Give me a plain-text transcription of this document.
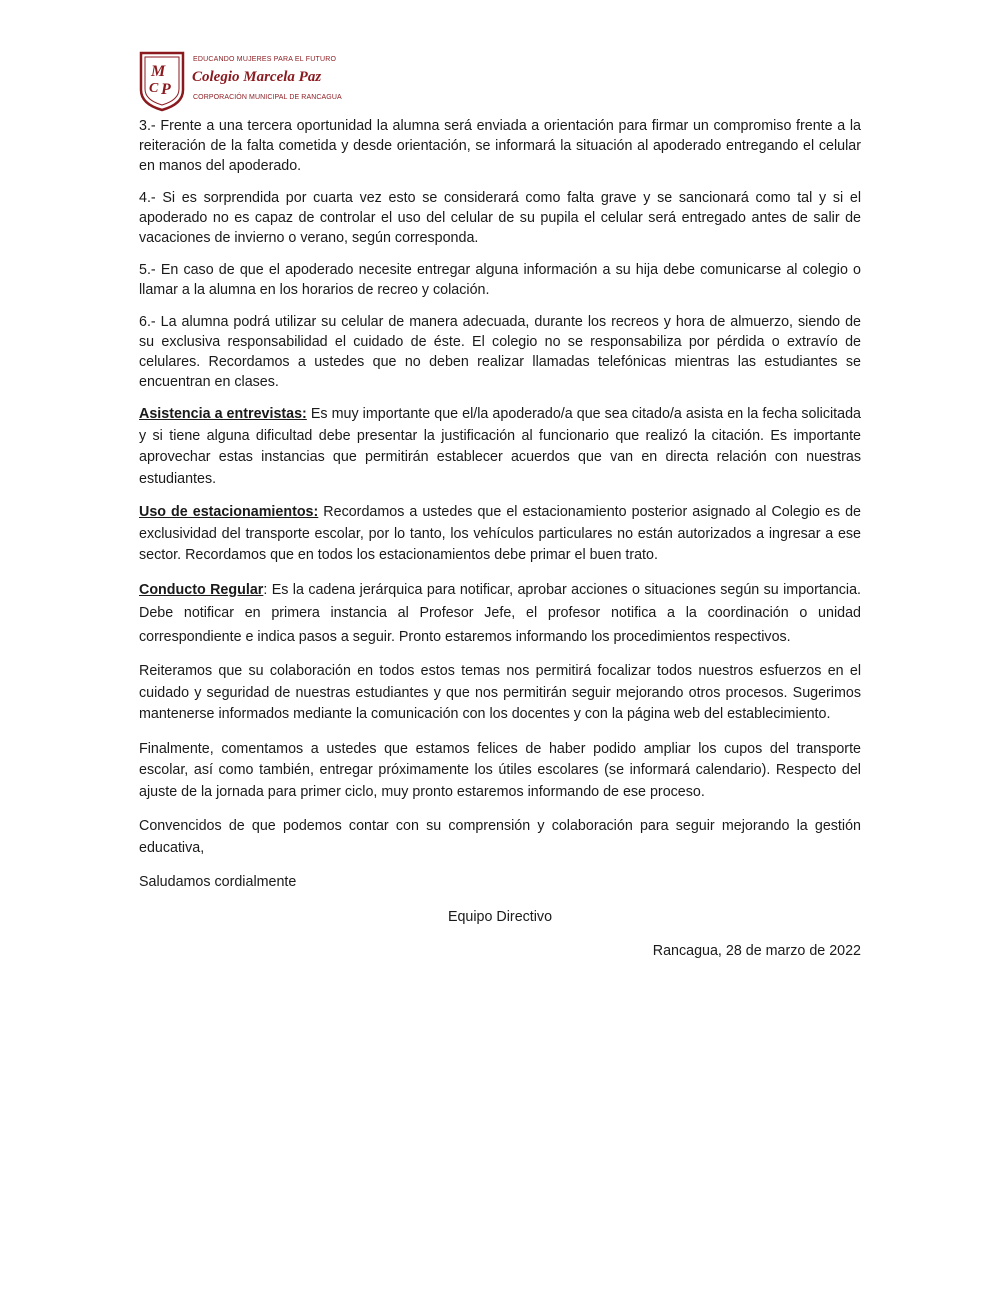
M
C P
EDUCANDO MUJERES PARA EL FUTURO
Colegio Marcela Paz
CORPORACIÓN MUNICIPAL DE RANCAGUA

3.- Frente a una tercera oportunidad la alumna será enviada a orientación para firmar un compromiso frente a la reiteración de la falta cometida y desde orientación, se informará la situación al apoderado entregando el celular en manos del apoderado.

4.- Si es sorprendida por cuarta vez esto se considerará como falta grave y se sancionará como tal y si el apoderado no es capaz de controlar el uso del celular de su pupila el celular será entregado antes de salir de vacaciones de invierno o verano, según corresponda.

5.- En caso de que el apoderado necesite entregar alguna información a su hija debe comunicarse al colegio o llamar a la alumna en los horarios de recreo y colación.

6.- La alumna podrá utilizar su celular de manera adecuada, durante los recreos y hora de almuerzo, siendo de su exclusiva responsabilidad el cuidado de éste. El colegio no se responsabiliza por pérdida o extravío de celulares. Recordamos a ustedes que no deben realizar llamadas telefónicas mientras las estudiantes se encuentran en clases.

Asistencia a entrevistas: Es muy importante que el/la apoderado/a que sea citado/a asista en la fecha solicitada y si tiene alguna dificultad debe presentar la justificación al funcionario que realizó la citación. Es importante aprovechar estas instancias que permitirán establecer acuerdos que van en directa relación con nuestras estudiantes.

Uso de estacionamientos: Recordamos a ustedes que el estacionamiento posterior asignado al Colegio es de exclusividad del transporte escolar, por lo tanto, los vehículos particulares no están autorizados a ingresar a ese sector. Recordamos que en todos los estacionamientos debe primar el buen trato.

Conducto Regular: Es la cadena jerárquica para notificar, aprobar acciones o situaciones según su importancia. Debe notificar en primera instancia al Profesor Jefe, el profesor notifica a la coordinación o unidad correspondiente e indica pasos a seguir. Pronto estaremos informando los procedimientos respectivos.

Reiteramos que su colaboración en todos estos temas nos permitirá focalizar todos nuestros esfuerzos en el cuidado y seguridad de nuestras estudiantes y que nos permitirán seguir mejorando otros procesos. Sugerimos mantenerse informados mediante la comunicación con los docentes y con la página web del establecimiento.

Finalmente, comentamos a ustedes que estamos felices de haber podido ampliar los cupos del transporte escolar, así como también, entregar próximamente los útiles escolares (se informará calendario). Respecto del ajuste de la jornada para primer ciclo, muy pronto estaremos informando de ese proceso.

Convencidos de que podemos contar con su comprensión y colaboración para seguir mejorando la gestión educativa,

Saludamos cordialmente

Equipo Directivo

Rancagua, 28 de marzo de 2022
